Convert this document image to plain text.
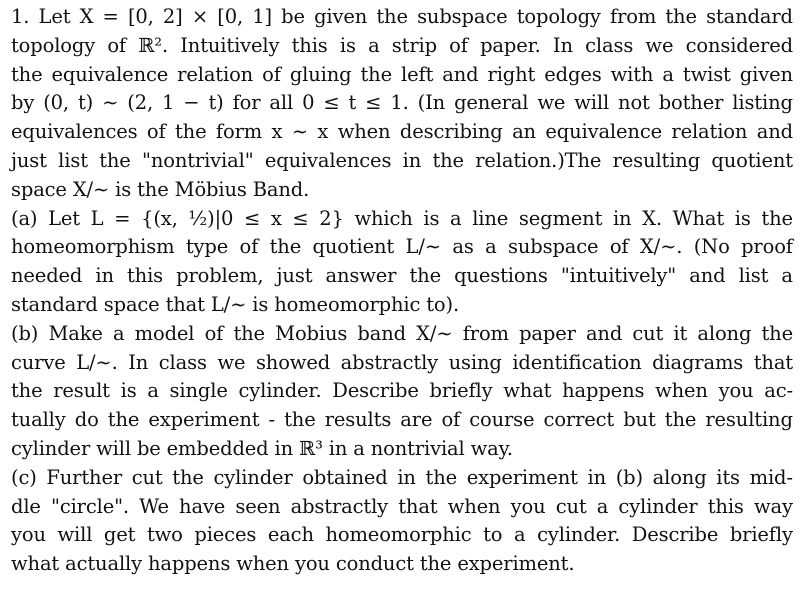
1. Let X = [0, 2] × [0, 1] be given the subspace topology from the standard
topology of ℝ². Intuitively this is a strip of paper. In class we considered
the equivalence relation of gluing the left and right edges with a twist given
by (0, t) ∼ (2, 1 − t) for all 0 ≤ t ≤ 1. (In general we will not bother listing
equivalences of the form x ∼ x when describing an equivalence relation and
just list the "nontrivial" equivalences in the relation.)The resulting quotient
space X/∼ is the Möbius Band.
(a) Let L = {(x, ½)|0 ≤ x ≤ 2} which is a line segment in X. What is the
homeomorphism type of the quotient L/∼ as a subspace of X/∼. (No proof
needed in this problem, just answer the questions "intuitively" and list a
standard space that L/∼ is homeomorphic to).
(b) Make a model of the Mobius band X/∼ from paper and cut it along the
curve L/∼. In class we showed abstractly using identification diagrams that
the result is a single cylinder. Describe briefly what happens when you ac-
tually do the experiment - the results are of course correct but the resulting
cylinder will be embedded in ℝ³ in a nontrivial way.
(c) Further cut the cylinder obtained in the experiment in (b) along its mid-
dle "circle". We have seen abstractly that when you cut a cylinder this way
you will get two pieces each homeomorphic to a cylinder. Describe briefly
what actually happens when you conduct the experiment.
